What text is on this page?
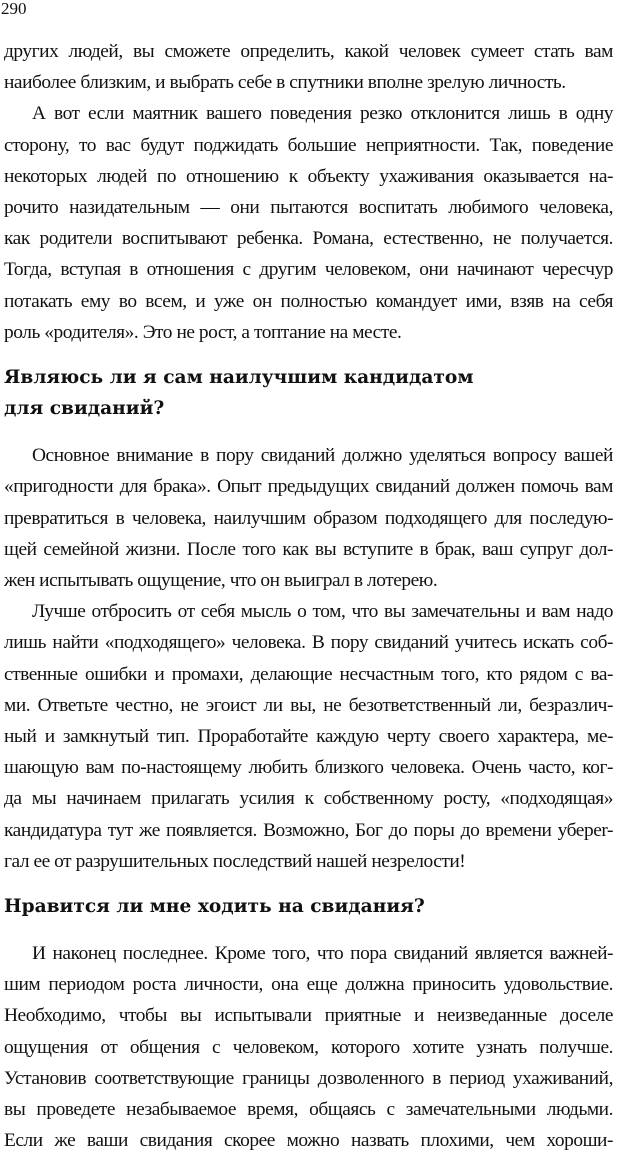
290
других людей, вы сможете определить, какой человек сумеет стать вам
наиболее близким, и выбрать себе в спутники вполне зрелую личность.
А вот если маятник вашего поведения резко отклонится лишь в одну
сторону, то вас будут поджидать большие неприятности. Так, поведение
некоторых людей по отношению к объекту ухаживания оказывается на-
рочито назидательным — они пытаются воспитать любимого человека,
как родители воспитывают ребенка. Романа, естественно, не получается.
Тогда, вступая в отношения с другим человеком, они начинают чересчур
потакать ему во всем, и уже он полностью командует ими, взяв на себя
роль «родителя». Это не рост, а топтание на месте.
Являюсь ли я сам наилучшим кандидатом
для свиданий?
Основное внимание в пору свиданий должно уделяться вопросу вашей
«пригодности для брака». Опыт предыдущих свиданий должен помочь вам
превратиться в человека, наилучшим образом подходящего для последую-
щей семейной жизни. После того как вы вступите в брак, ваш супруг дол-
жен испытывать ощущение, что он выиграл в лотерею.
Лучше отбросить от себя мысль о том, что вы замечательны и вам надо
лишь найти «подходящего» человека. В пору свиданий учитесь искать соб-
ственные ошибки и промахи, делающие несчастным того, кто рядом с ва-
ми. Ответьте честно, не эгоист ли вы, не безответственный ли, безразлич-
ный и замкнутый тип. Проработайте каждую черту своего характера, ме-
шающую вам по-настоящему любить близкого человека. Очень часто, ког-
да мы начинаем прилагать усилия к собственному росту, «подходящая»
кандидатура тут же появляется. Возможно, Бог до поры до времени убереr-
гал ее от разрушительных последствий нашей незрелости!
Нравится ли мне ходить на свидания?
И наконец последнее. Кроме того, что пора свиданий является важней-
шим периодом роста личности, она еще должна приносить удовольствие.
Необходимо, чтобы вы испытывали приятные и неизведанные доселе
ощущения от общения с человеком, которого хотите узнать получше.
Установив соответствующие границы дозволенного в период ухаживаний,
вы проведете незабываемое время, общаясь с замечательными людьми.
Если же ваши свидания скорее можно назвать плохими, чем хороши-
